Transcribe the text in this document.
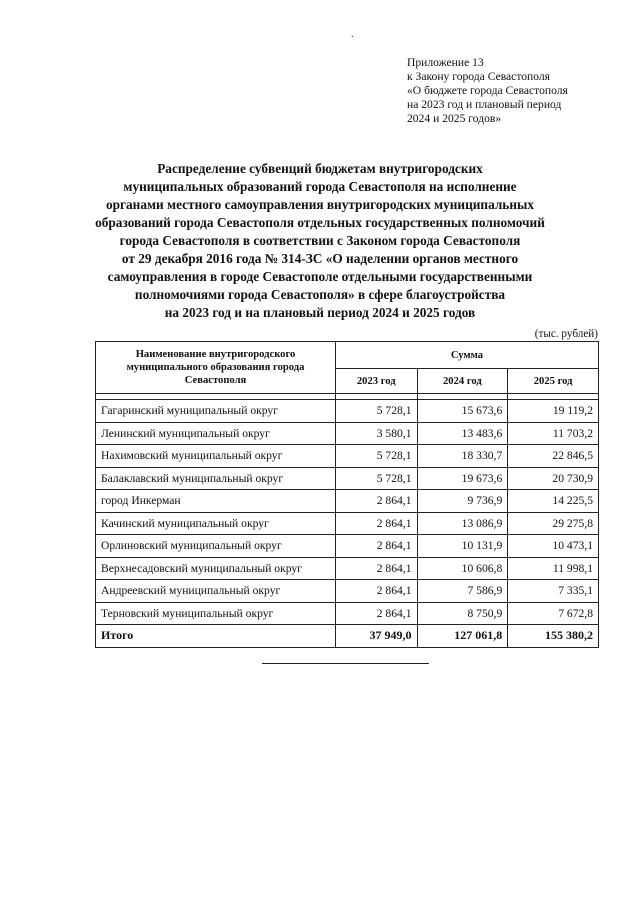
.
Приложение 13
к Закону города Севастополя
«О бюджете города Севастополя
на 2023 год и плановый период
2024 и 2025 годов»
Распределение субвенций бюджетам внутригородских
муниципальных образований города Севастополя на исполнение
органами местного самоуправления внутригородских муниципальных
образований города Севастополя отдельных государственных полномочий
города Севастополя в соответствии с Законом города Севастополя
от 29 декабря 2016 года № 314-ЗС «О наделении органов местного
самоуправления в городе Севастополе отдельными государственными
полномочиями города Севастополя» в сфере благоустройства
на 2023 год и на плановый период 2024 и 2025 годов
(тыс. рублей)
Наименование внутригородского муниципального образования города Севастополя	Сумма		
	2023 год	2024 год	2025 год

Гагаринский муниципальный округ	5 728,1	15 673,6	19 119,2
Ленинский муниципальный округ	3 580,1	13 483,6	11 703,2
Нахимовский муниципальный округ	5 728,1	18 330,7	22 846,5
Балаклавский муниципальный округ	5 728,1	19 673,6	20 730,9
город Инкерман	2 864,1	9 736,9	14 225,5
Качинский муниципальный округ	2 864,1	13 086,9	29 275,8
Орлиновский муниципальный округ	2 864,1	10 131,9	10 473,1
Верхнесадовский муниципальный округ	2 864,1	10 606,8	11 998,1
Андреевский муниципальный округ	2 864,1	7 586,9	7 335,1
Терновский муниципальный округ	2 864,1	8 750,9	7 672,8
Итого	37 949,0	127 061,8	155 380,2
